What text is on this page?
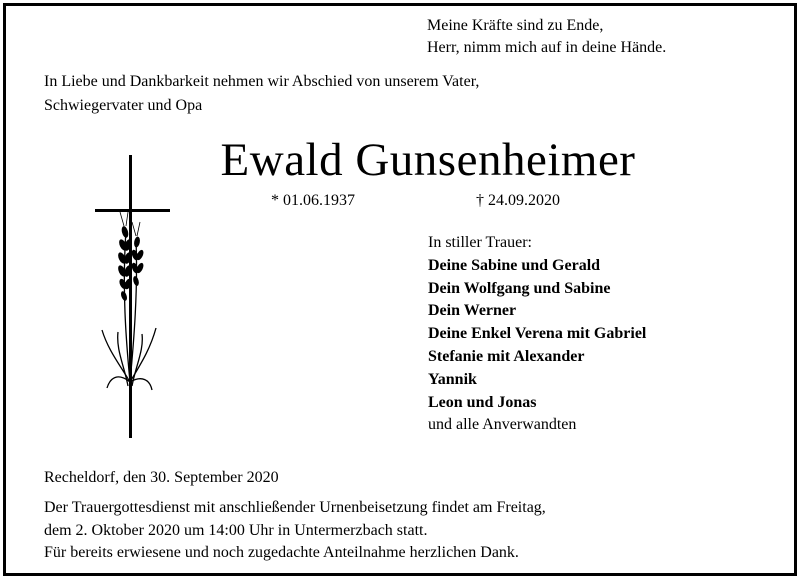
Meine Kräfte sind zu Ende,
Herr, nimm mich auf in deine Hände.
In Liebe und Dankbarkeit nehmen wir Abschied von unserem Vater,
Schwiegervater und Opa
Ewald Gunsenheimer
* 01.06.1937	† 24.09.2020
In stiller Trauer:
Deine Sabine und Gerald
Dein Wolfgang und Sabine
Dein Werner
Deine Enkel Verena mit Gabriel
Stefanie mit Alexander
Yannik
Leon und Jonas
und alle Anverwandten
Recheldorf, den 30. September 2020
Der Trauergottesdienst mit anschließender Urnenbeisetzung findet am Freitag,
dem 2. Oktober 2020 um 14:00 Uhr in Untermerzbach statt.
Für bereits erwiesene und noch zugedachte Anteilnahme herzlichen Dank.
